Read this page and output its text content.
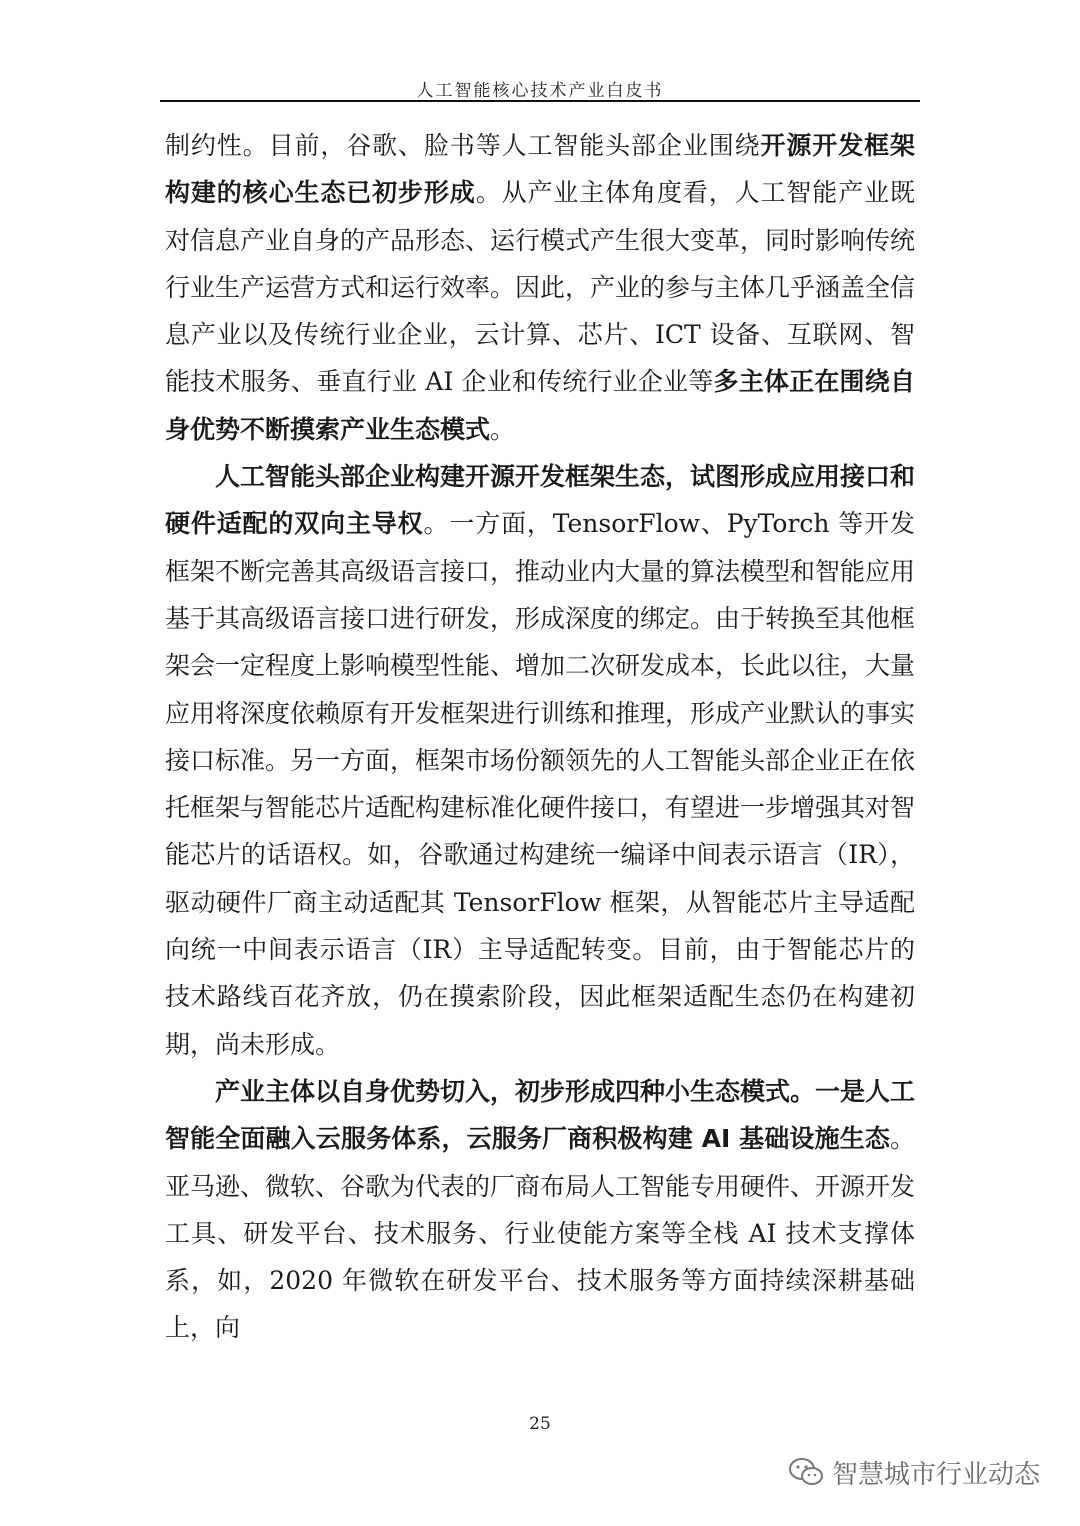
人工智能核心技术产业白皮书

制约性。目前，谷歌、脸书等人工智能头部企业围绕开源开发框架构建的核心生态已初步形成。从产业主体角度看，人工智能产业既对信息产业自身的产品形态、运行模式产生很大变革，同时影响传统行业生产运营方式和运行效率。因此，产业的参与主体几乎涵盖全信息产业以及传统行业企业，云计算、芯片、ICT 设备、互联网、智能技术服务、垂直行业 AI 企业和传统行业企业等多主体正在围绕自身优势不断摸索产业生态模式。

人工智能头部企业构建开源开发框架生态，试图形成应用接口和硬件适配的双向主导权。一方面，TensorFlow、PyTorch 等开发框架不断完善其高级语言接口，推动业内大量的算法模型和智能应用基于其高级语言接口进行研发，形成深度的绑定。由于转换至其他框架会一定程度上影响模型性能、增加二次研发成本，长此以往，大量应用将深度依赖原有开发框架进行训练和推理，形成产业默认的事实接口标准。另一方面，框架市场份额领先的人工智能头部企业正在依托框架与智能芯片适配构建标准化硬件接口，有望进一步增强其对智能芯片的话语权。如，谷歌通过构建统一编译中间表示语言（IR），驱动硬件厂商主动适配其 TensorFlow 框架，从智能芯片主导适配向统一中间表示语言（IR）主导适配转变。目前，由于智能芯片的技术路线百花齐放，仍在摸索阶段，因此框架适配生态仍在构建初期，尚未形成。

产业主体以自身优势切入，初步形成四种小生态模式。一是人工智能全面融入云服务体系，云服务厂商积极构建 AI 基础设施生态。亚马逊、微软、谷歌为代表的厂商布局人工智能专用硬件、开源开发工具、研发平台、技术服务、行业使能方案等全栈 AI 技术支撑体系，如，2020 年微软在研发平台、技术服务等方面持续深耕基础上，向

25
智慧城市行业动态
